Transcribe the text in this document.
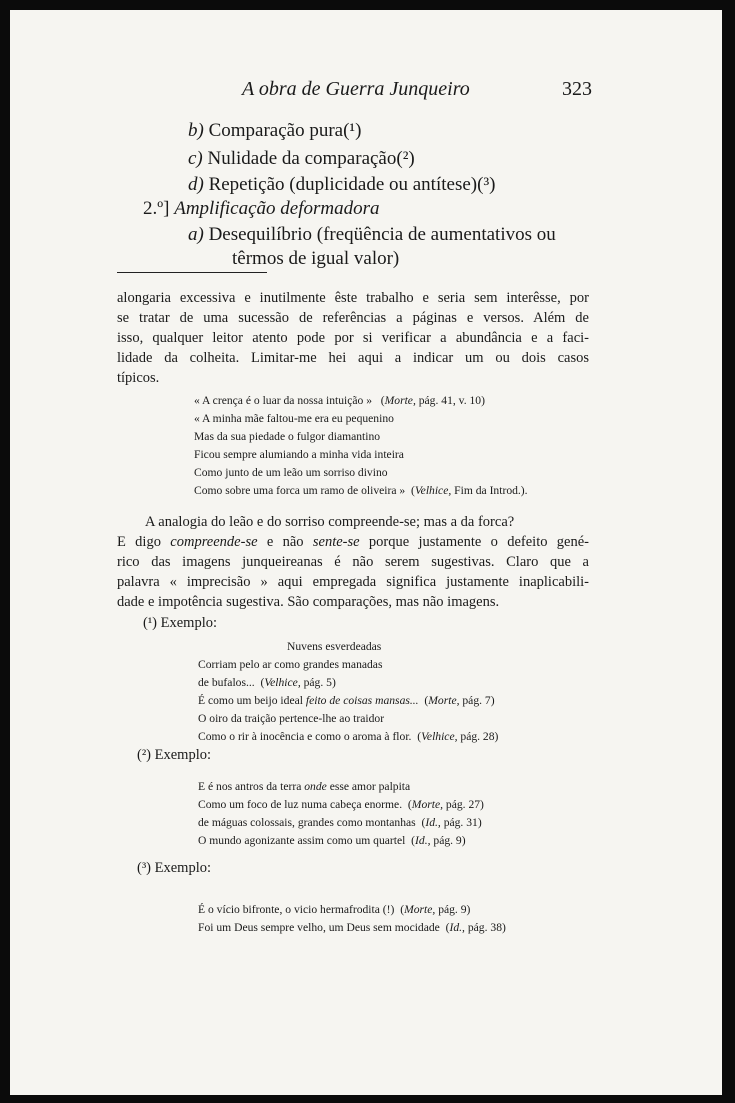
A obra de Guerra Junqueiro	323
b) Comparação pura(¹)
c) Nulidade da comparação(²)
d) Repetição (duplicidade ou antítese)(³)
2.º] Amplificação deformadora
a) Desequilíbrio (freqüência de aumentativos ou
têrmos de igual valor)
alongaria excessiva e inutilmente êste trabalho e seria sem interêsse, por
se tratar de uma sucessão de referências a páginas e versos. Além de
isso, qualquer leitor atento pode por si verificar a abundância e a faci-
lidade da colheita. Limitar-me hei aqui a indicar um ou dois casos
típicos.
« A crença é o luar da nossa intuição »   (Morte, pág. 41, v. 10)
« A minha mãe faltou-me era eu pequenino
Mas da sua piedade o fulgor diamantino
Ficou sempre alumiando a minha vida inteira
Como junto de um leão um sorriso divino
Como sobre uma forca um ramo de oliveira »  (Velhice, Fim da Introd.).
A analogia do leão e do sorriso compreende-se; mas a da forca?
E digo compreende-se e não sente-se porque justamente o defeito gené-
rico das imagens junqueireanas é não serem sugestivas. Claro que a
palavra « imprecisão » aqui empregada significa justamente inaplicabili-
dade e impotência sugestiva. São comparações, mas não imagens.
(¹) Exemplo:
Nuvens esverdeadas
Corriam pelo ar como grandes manadas
de bufalos...  (Velhice, pág. 5)
É como um beijo ideal feito de coisas mansas...  (Morte, pág. 7)
O oiro da traição pertence-lhe ao traidor
Como o rir à inocência e como o aroma à flor.  (Velhice, pág. 28)
(²) Exemplo:
E é nos antros da terra onde esse amor palpita
Como um foco de luz numa cabeça enorme.  (Morte, pág. 27)
de máguas colossais, grandes como montanhas  (Id., pág. 31)
O mundo agonizante assim como um quartel  (Id., pág. 9)
(³) Exemplo:
É o vício bifronte, o vicio hermafrodita (!)  (Morte, pág. 9)
Foi um Deus sempre velho, um Deus sem mocidade  (Id., pág. 38)
